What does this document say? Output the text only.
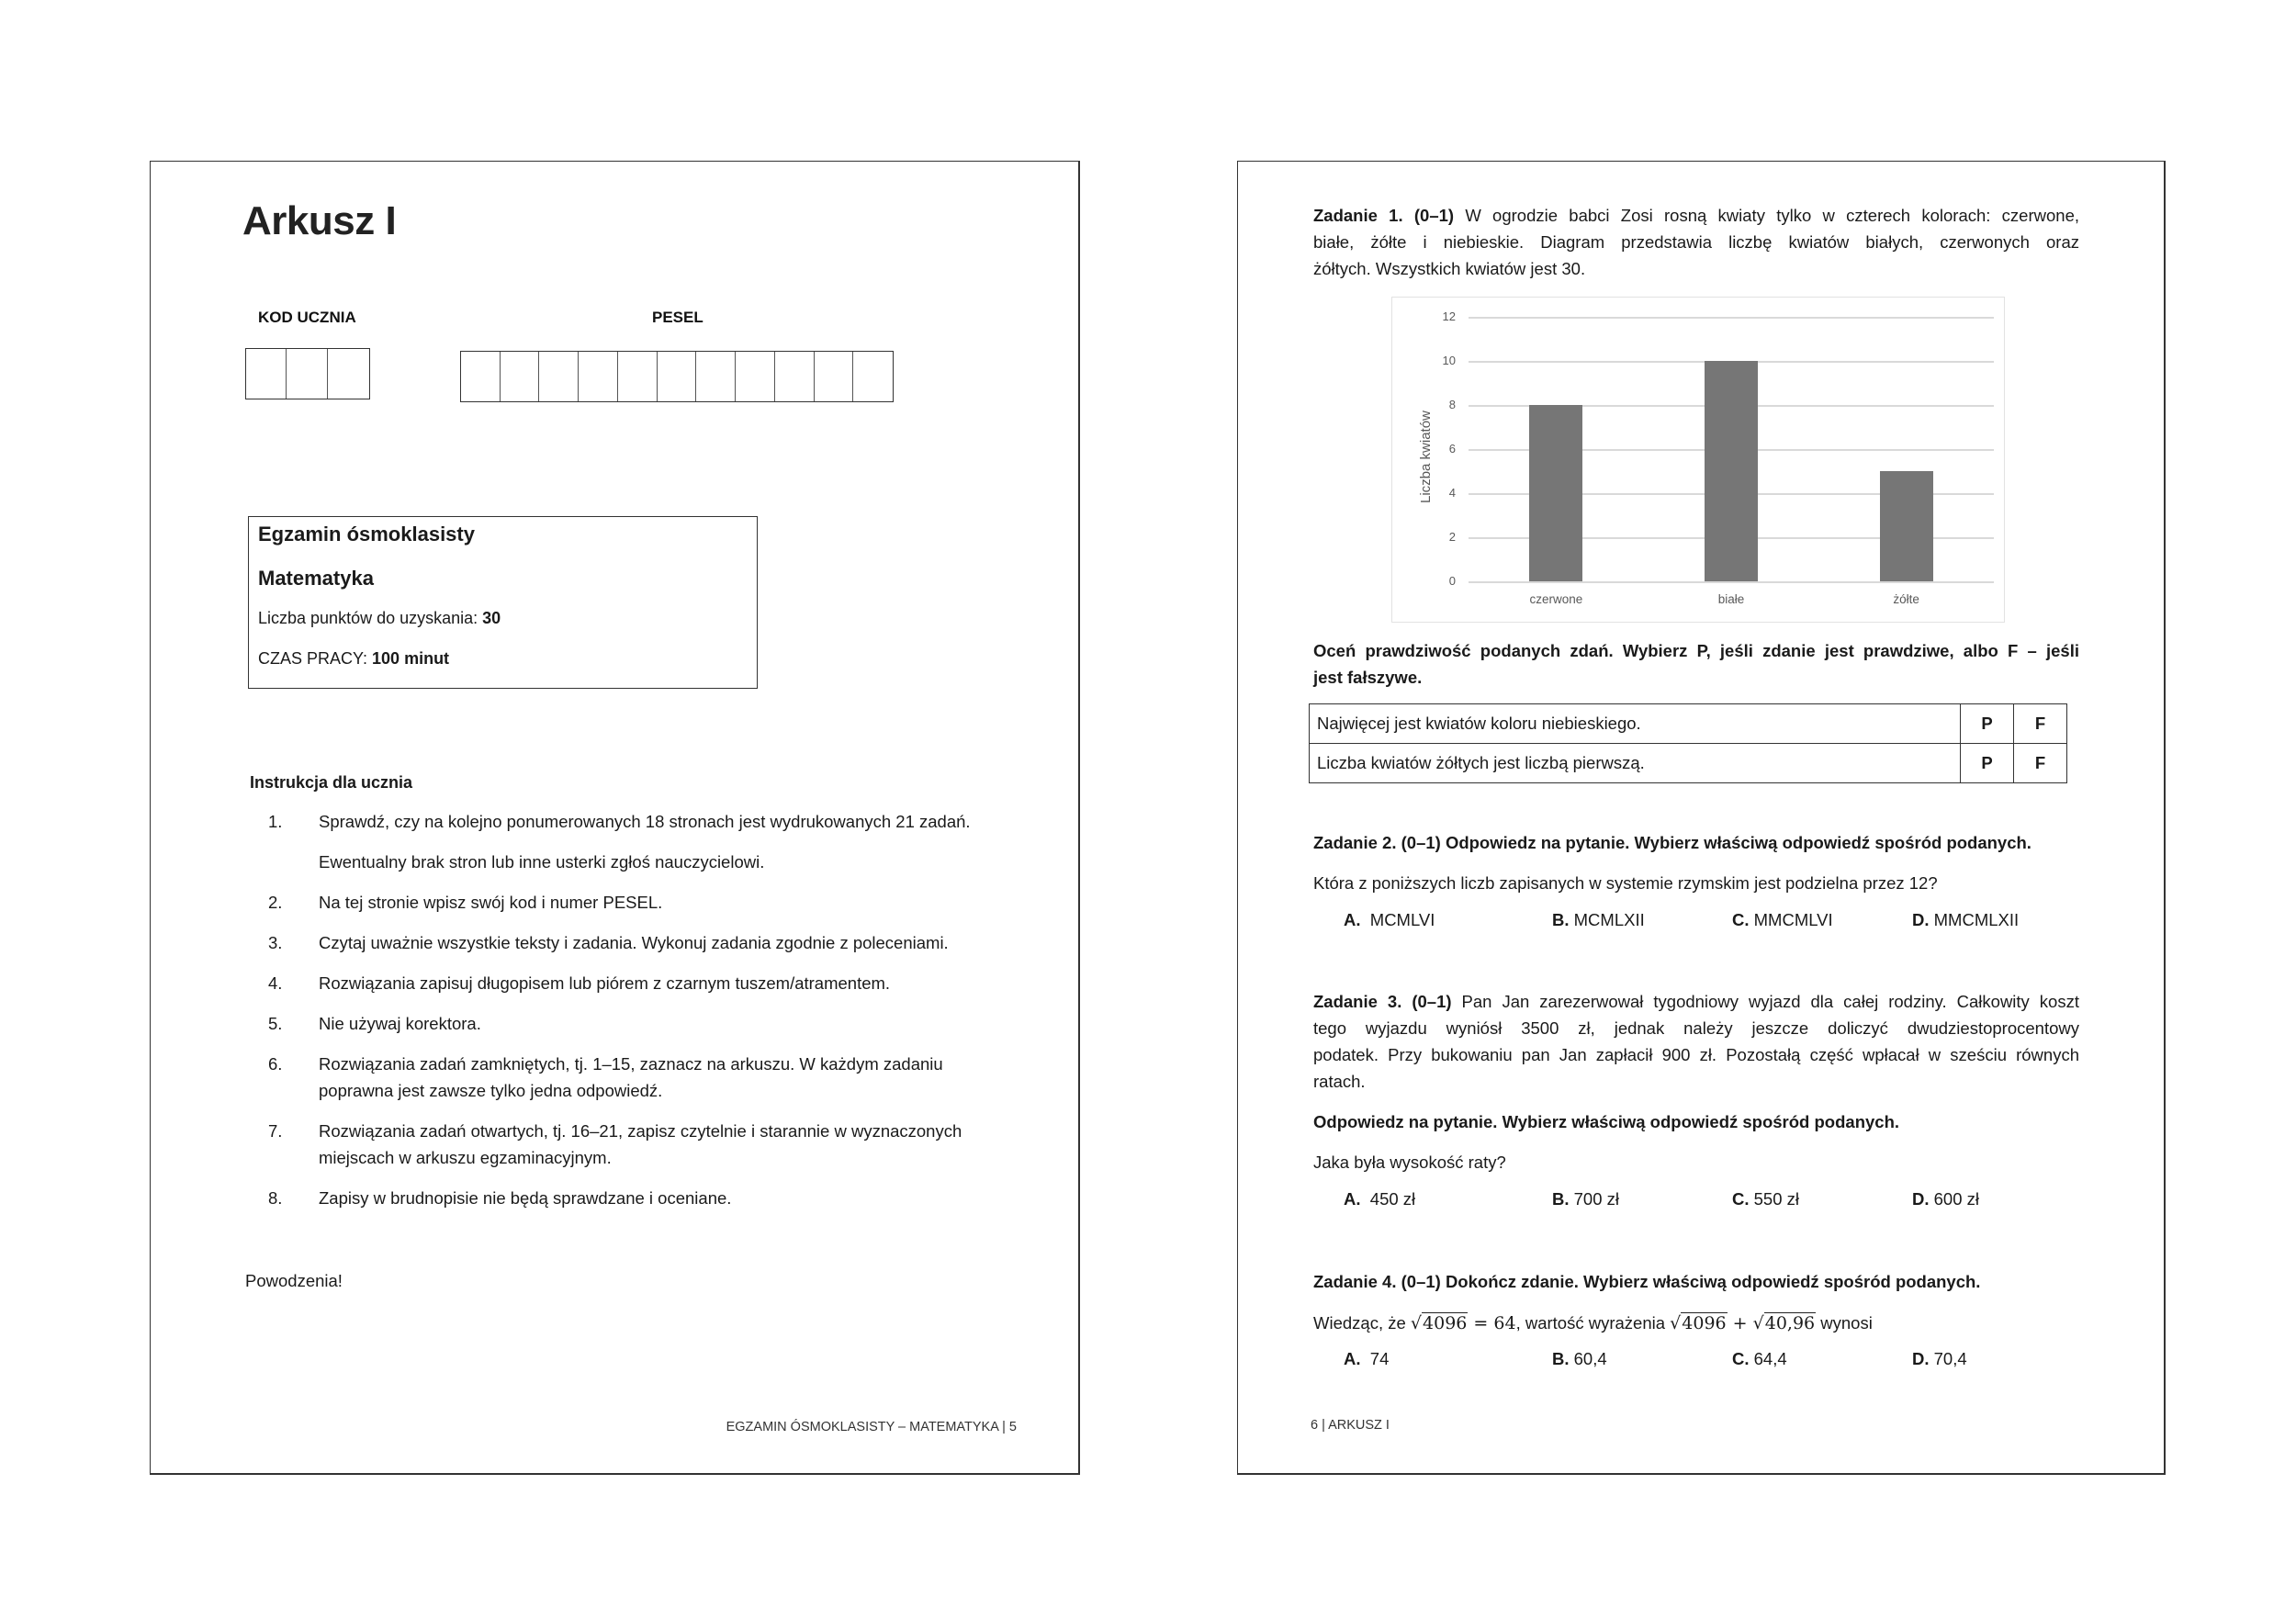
Arkusz I
KOD UCZNIA	PESEL
Egzamin ósmoklasisty
Matematyka
Liczba punktów do uzyskania: 30
CZAS PRACY: 100 minut
Instrukcja dla ucznia
1.	Sprawdź, czy na kolejno ponumerowanych 18 stronach jest wydrukowanych 21 zadań.
Ewentualny brak stron lub inne usterki zgłoś nauczycielowi.
2.	Na tej stronie wpisz swój kod i numer PESEL.
3.	Czytaj uważnie wszystkie teksty i zadania. Wykonuj zadania zgodnie z poleceniami.
4.	Rozwiązania zapisuj długopisem lub piórem z czarnym tuszem/atramentem.
5.	Nie używaj korektora.
6.	Rozwiązania zadań zamkniętych, tj. 1–15, zaznacz na arkuszu. W każdym zadaniu
poprawna jest zawsze tylko jedna odpowiedź.
7.	Rozwiązania zadań otwartych, tj. 16–21, zapisz czytelnie i starannie w wyznaczonych
miejscach w arkuszu egzaminacyjnym.
8.	Zapisy w brudnopisie nie będą sprawdzane i oceniane.
Powodzenia!
EGZAMIN ÓSMOKLASISTY – MATEMATYKA | 5
Zadanie 1. (0–1) W ogrodzie babci Zosi rosną kwiaty tylko w czterech kolorach: czerwone,
białe, żółte i niebieskie. Diagram przedstawia liczbę kwiatów białych, czerwonych oraz
żółtych. Wszystkich kwiatów jest 30.
0
2
4
6
8
10
12
czerwone	białe	żółte
Liczba kwiatów
Oceń prawdziwość podanych zdań. Wybierz P, jeśli zdanie jest prawdziwe, albo F – jeśli
jest fałszywe.
Najwięcej jest kwiatów koloru niebieskiego.	P	F
Liczba kwiatów żółtych jest liczbą pierwszą.	P	F
Zadanie 2. (0–1) Odpowiedz na pytanie. Wybierz właściwą odpowiedź spośród podanych.
Która z poniższych liczb zapisanych w systemie rzymskim jest podzielna przez 12?
A. MCMLVI	B. MCMLXII	C. MMCMLVI	D. MMCMLXII
Zadanie 3. (0–1) Pan Jan zarezerwował tygodniowy wyjazd dla całej rodziny. Całkowity koszt
tego wyjazdu wyniósł 3500 zł, jednak należy jeszcze doliczyć dwudziestoprocentowy
podatek. Przy bukowaniu pan Jan zapłacił 900 zł. Pozostałą część wpłacał w sześciu równych
ratach.
Odpowiedz na pytanie. Wybierz właściwą odpowiedź spośród podanych.
Jaka była wysokość raty?
A. 450 zł	B. 700 zł	C. 550 zł	D. 600 zł
Zadanie 4. (0–1) Dokończ zdanie. Wybierz właściwą odpowiedź spośród podanych.
Wiedząc, że √4096 = 64, wartość wyrażenia √4096 + √40,96 wynosi
A. 74	B. 60,4	C. 64,4	D. 70,4
6 | ARKUSZ I
